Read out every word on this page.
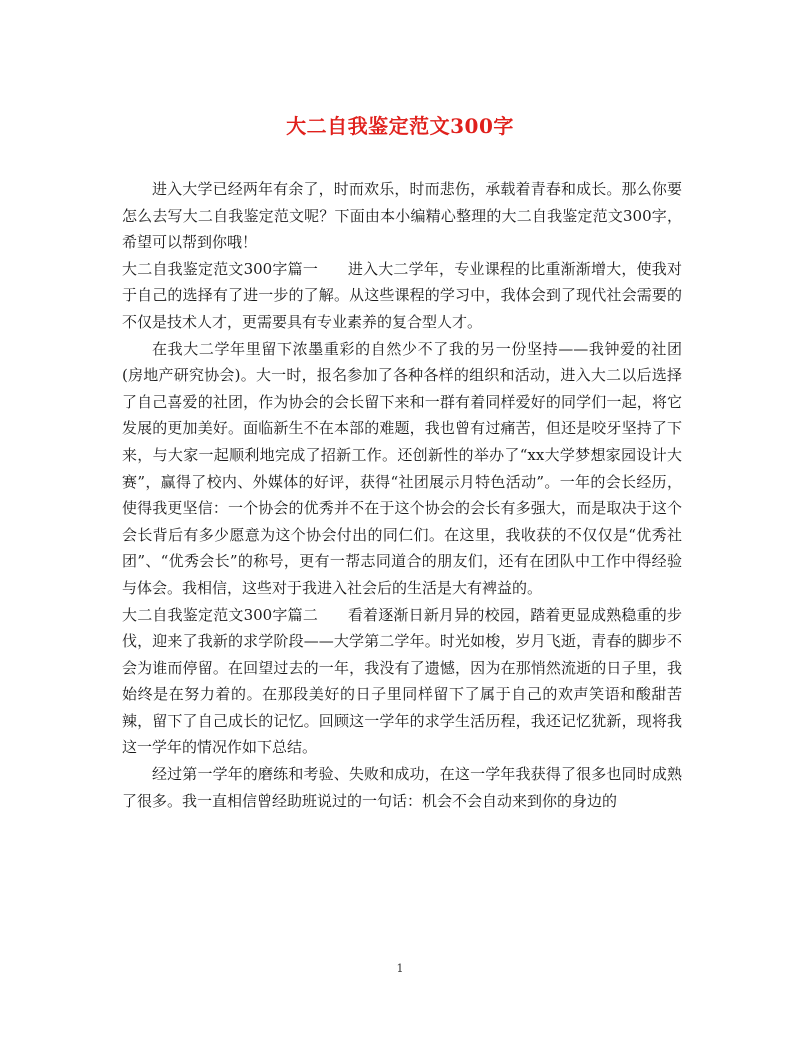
大二自我鉴定范文300字

进入大学已经两年有余了，时而欢乐，时而悲伤，承载着青春和成长。那么你要怎么去写大二自我鉴定范文呢？下面由本小编精心整理的大二自我鉴定范文300字，希望可以帮到你哦！

大二自我鉴定范文300字篇一 进入大二学年，专业课程的比重渐渐增大，使我对于自己的选择有了进一步的了解。从这些课程的学习中，我体会到了现代社会需要的不仅是技术人才，更需要具有专业素养的复合型人才。

在我大二学年里留下浓墨重彩的自然少不了我的另一份坚持——我钟爱的社团(房地产研究协会)。大一时，报名参加了各种各样的组织和活动，进入大二以后选择了自己喜爱的社团，作为协会的会长留下来和一群有着同样爱好的同学们一起，将它发展的更加美好。面临新生不在本部的难题，我也曾有过痛苦，但还是咬牙坚持了下来，与大家一起顺利地完成了招新工作。还创新性的举办了“xx大学梦想家园设计大赛”，赢得了校内、外媒体的好评，获得“社团展示月特色活动”。一年的会长经历，使得我更坚信：一个协会的优秀并不在于这个协会的会长有多强大，而是取决于这个会长背后有多少愿意为这个协会付出的同仁们。在这里，我收获的不仅仅是“优秀社团”、“优秀会长”的称号，更有一帮志同道合的朋友们，还有在团队中工作中得经验与体会。我相信，这些对于我进入社会后的生活是大有裨益的。

大二自我鉴定范文300字篇二 看着逐渐日新月异的校园，踏着更显成熟稳重的步伐，迎来了我新的求学阶段——大学第二学年。时光如梭，岁月飞逝，青春的脚步不会为谁而停留。在回望过去的一年，我没有了遗憾，因为在那悄然流逝的日子里，我始终是在努力着的。在那段美好的日子里同样留下了属于自己的欢声笑语和酸甜苦辣，留下了自己成长的记忆。回顾这一学年的求学生活历程，我还记忆犹新，现将我这一学年的情况作如下总结。

经过第一学年的磨练和考验、失败和成功，在这一学年我获得了很多也同时成熟了很多。我一直相信曾经助班说过的一句话：机会不会自动来到你的身边的

1
